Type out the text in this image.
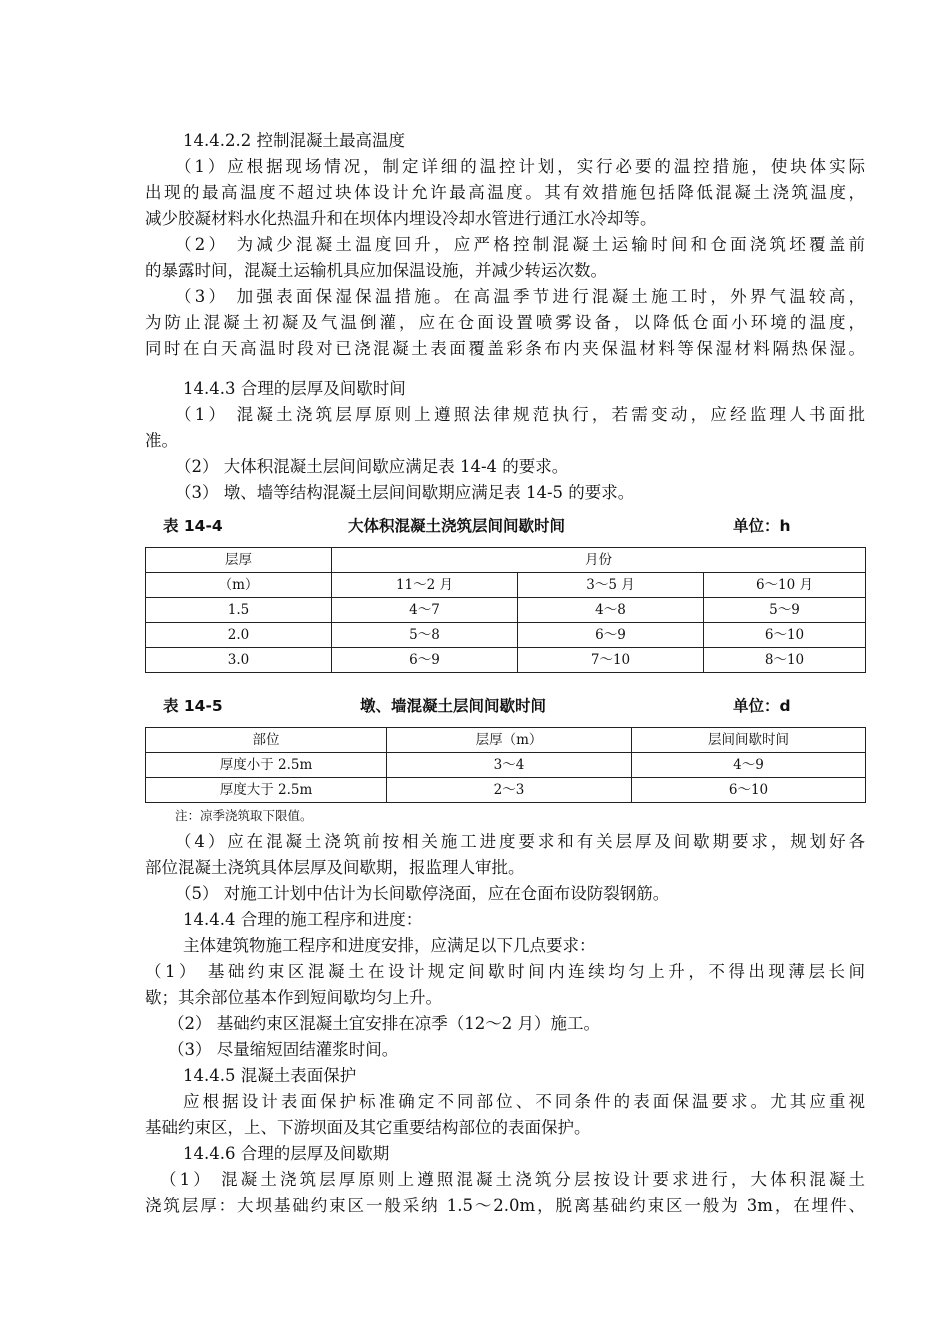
14.4.2.2 控制混凝土最高温度
（1）应根据现场情况，制定详细的温控计划，实行必要的温控措施，使块体实际
出现的最高温度不超过块体设计允许最高温度。其有效措施包括降低混凝土浇筑温度，
减少胶凝材料水化热温升和在坝体内埋设冷却水管进行通江水冷却等。
（2） 为减少混凝土温度回升，应严格控制混凝土运输时间和仓面浇筑坯覆盖前
的暴露时间，混凝土运输机具应加保温设施，并减少转运次数。
（3） 加强表面保湿保温措施。在高温季节进行混凝土施工时，外界气温较高，
为防止混凝土初凝及气温倒灌，应在仓面设置喷雾设备，以降低仓面小环境的温度，
同时在白天高温时段对已浇混凝土表面覆盖彩条布内夹保温材料等保湿材料隔热保湿。
14.4.3 合理的层厚及间歇时间
（1） 混凝土浇筑层厚原则上遵照法律规范执行，若需变动，应经监理人书面批
准。
（2） 大体积混凝土层间间歇应满足表 14-4 的要求。
（3） 墩、墙等结构混凝土层间间歇期应满足表 14-5 的要求。
表 14-4	大体积混凝土浇筑层间间歇时间	单位：h
层厚	月份		
（m）	11～2 月	3～5 月	6～10 月
1.5	4～7	4～8	5～9
2.0	5～8	6～9	6～10
3.0	6～9	7～10	8～10
表 14-5	墩、墙混凝土层间间歇时间	单位：d
部位	层厚（m）	层间间歇时间
厚度小于 2.5m	3～4	4～9
厚度大于 2.5m	2～3	6～10
注：凉季浇筑取下限值。
（4）应在混凝土浇筑前按相关施工进度要求和有关层厚及间歇期要求，规划好各
部位混凝土浇筑具体层厚及间歇期，报监理人审批。
（5） 对施工计划中估计为长间歇停浇面，应在仓面布设防裂钢筋。
14.4.4 合理的施工程序和进度：
主体建筑物施工程序和进度安排，应满足以下几点要求：
（1） 基础约束区混凝土在设计规定间歇时间内连续均匀上升，不得出现薄层长间
歇；其余部位基本作到短间歇均匀上升。
（2） 基础约束区混凝土宜安排在凉季（12～2 月）施工。
（3） 尽量缩短固结灌浆时间。
14.4.5 混凝土表面保护
应根据设计表面保护标准确定不同部位、不同条件的表面保温要求。尤其应重视
基础约束区，上、下游坝面及其它重要结构部位的表面保护。
14.4.6 合理的层厚及间歇期
（1） 混凝土浇筑层厚原则上遵照混凝土浇筑分层按设计要求进行，大体积混凝土
浇筑层厚：大坝基础约束区一般采纳 1.5～2.0m，脱离基础约束区一般为 3m，在埋件、
